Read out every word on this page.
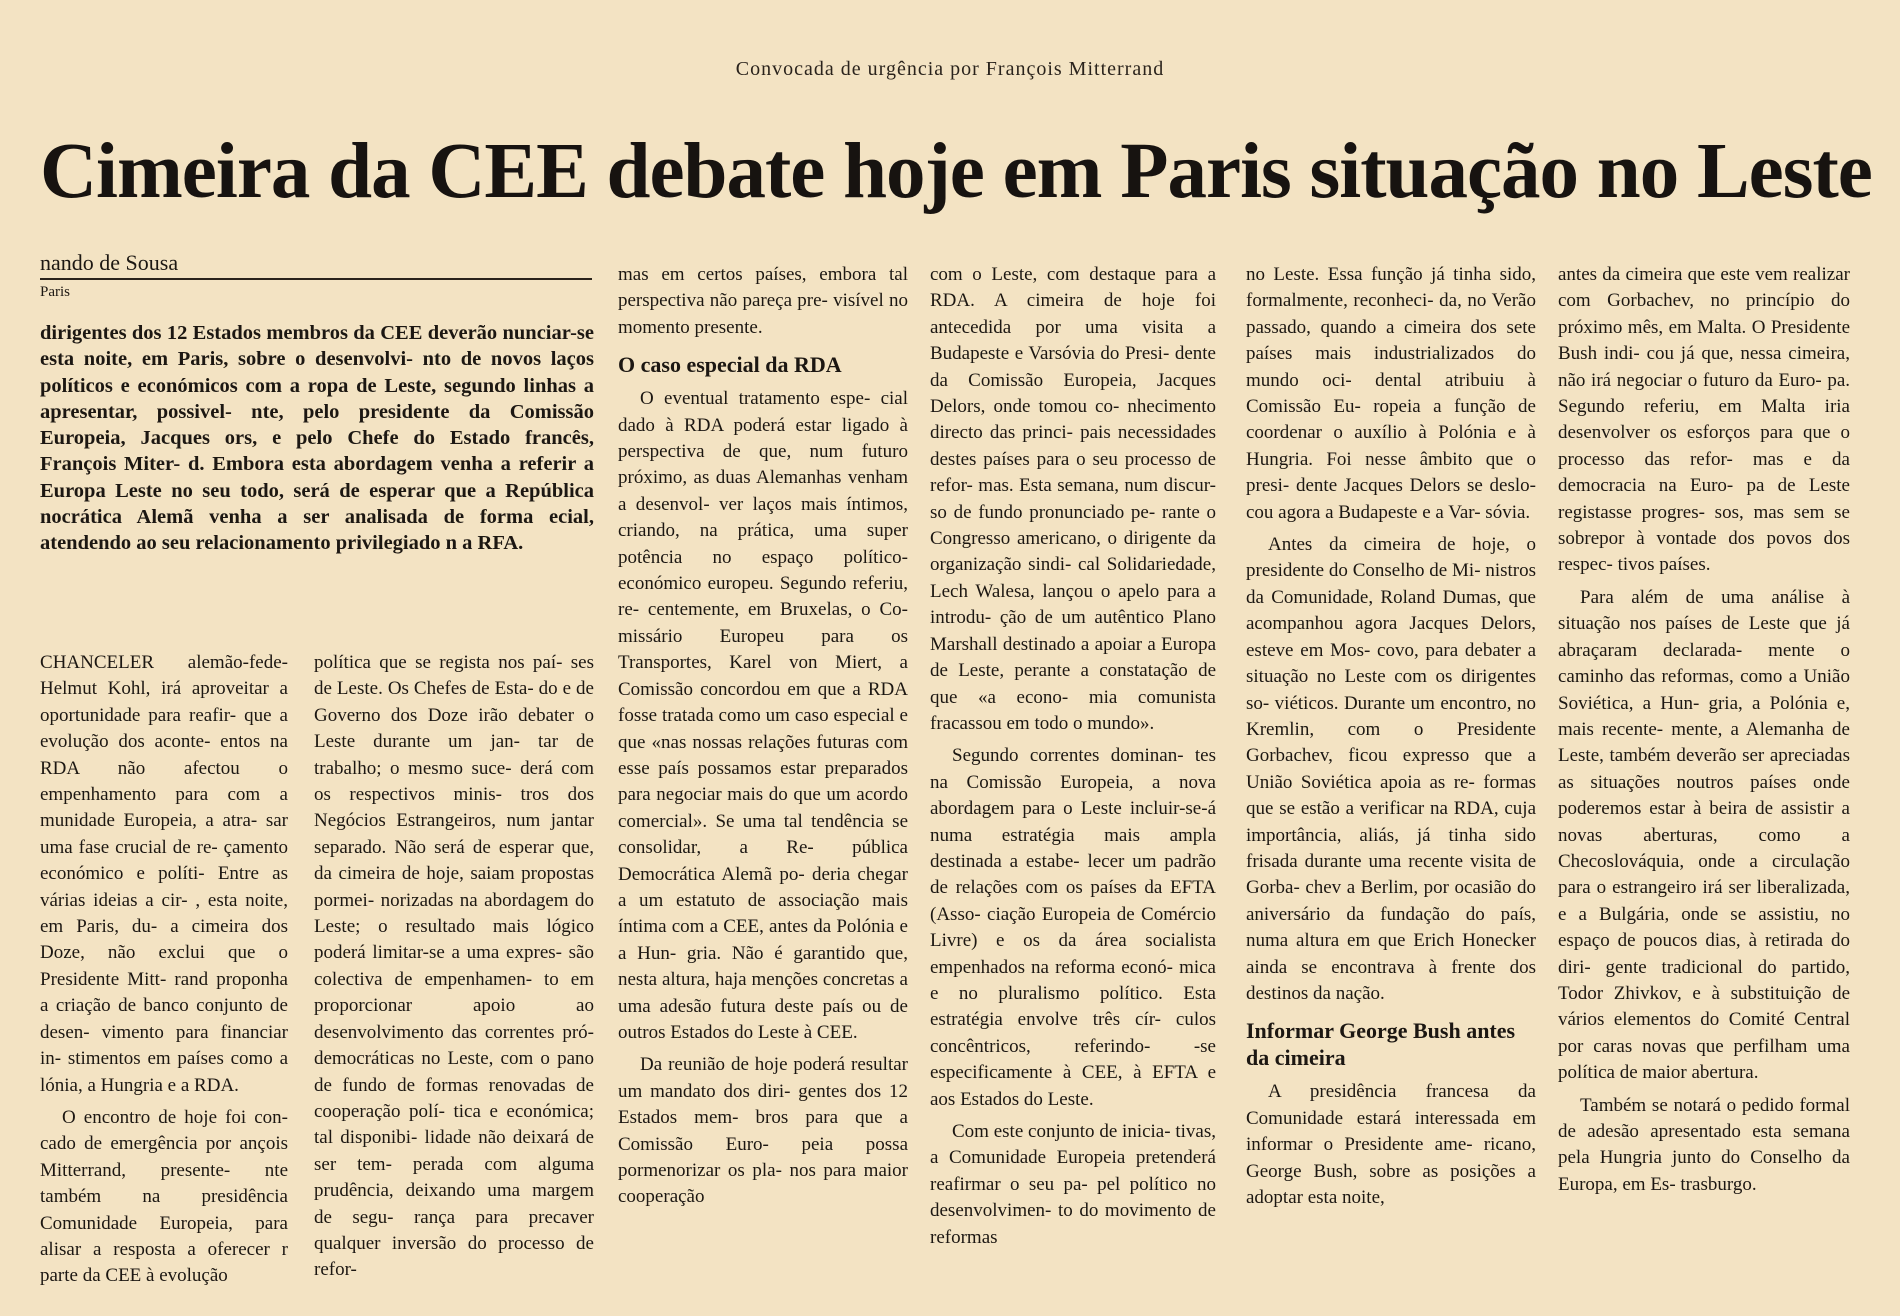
Convocada de urgência por François Mitterrand
Cimeira da CEE debate hoje em Paris situação no Leste
nando de Sousa
Paris

dirigentes dos 12 Estados membros da CEE deverão nunciar-se esta noite, em Paris, sobre o desenvolvi- nto de novos laços políticos e económicos com a ropa de Leste, segundo linhas a apresentar, possivel- nte, pelo presidente da Comissão Europeia, Jacques ors, e pelo Chefe do Estado francês, François Miter- d. Embora esta abordagem venha a referir a Europa Leste no seu todo, será de esperar que a República nocrática Alemã venha a ser analisada de forma ecial, atendendo ao seu relacionamento privilegiado n a RFA.

CHANCELER alemão-fede- Helmut Kohl, irá aproveitar a oportunidade para reafir- que a evolução dos aconte- entos na RDA não afectou o empenhamento para com a munidade Europeia, a atra- sar uma fase crucial de re- çamento económico e políti- Entre as várias ideias a cir- , esta noite, em Paris, du- a cimeira dos Doze, não exclui que o Presidente Mitt- rand proponha a criação de banco conjunto de desen- vimento para financiar in- stimentos em países como a lónia, a Hungria e a RDA.

O encontro de hoje foi con- cado de emergência por ançois Mitterrand, presente- nte também na presidência Comunidade Europeia, para alisar a resposta a oferecer r parte da CEE à evolução

política que se regista nos paí- ses de Leste. Os Chefes de Esta- do e de Governo dos Doze irão debater o Leste durante um jan- tar de trabalho; o mesmo suce- derá com os respectivos minis- tros dos Negócios Estrangeiros, num jantar separado. Não será de esperar que, da cimeira de hoje, saiam propostas pormei- norizadas na abordagem do Leste; o resultado mais lógico poderá limitar-se a uma expres- são colectiva de empenhamen- to em proporcionar apoio ao desenvolvimento das correntes pró-democráticas no Leste, com o pano de fundo de formas renovadas de cooperação polí- tica e económica; tal disponibi- lidade não deixará de ser tem- perada com alguma prudência, deixando uma margem de segu- rança para precaver qualquer inversão do processo de refor-

mas em certos países, embora tal perspectiva não pareça pre- visível no momento presente.

O caso especial da RDA

O eventual tratamento espe- cial dado à RDA poderá estar ligado à perspectiva de que, num futuro próximo, as duas Alemanhas venham a desenvol- ver laços mais íntimos, criando, na prática, uma super potência no espaço político-económico europeu. Segundo referiu, re- centemente, em Bruxelas, o Co- missário Europeu para os Transportes, Karel von Miert, a Comissão concordou em que a RDA fosse tratada como um caso especial e que «nas nossas relações futuras com esse país possamos estar preparados para negociar mais do que um acordo comercial». Se uma tal tendência se consolidar, a Re- pública Democrática Alemã po- deria chegar a um estatuto de associação mais íntima com a CEE, antes da Polónia e a Hun- gria. Não é garantido que, nesta altura, haja menções concretas a uma adesão futura deste país ou de outros Estados do Leste à CEE.

Da reunião de hoje poderá resultar um mandato dos diri- gentes dos 12 Estados mem- bros para que a Comissão Euro- peia possa pormenorizar os pla- nos para maior cooperação

com o Leste, com destaque para a RDA. A cimeira de hoje foi antecedida por uma visita a Budapeste e Varsóvia do Presi- dente da Comissão Europeia, Jacques Delors, onde tomou co- nhecimento directo das princi- pais necessidades destes países para o seu processo de refor- mas. Esta semana, num discur- so de fundo pronunciado pe- rante o Congresso americano, o dirigente da organização sindi- cal Solidariedade, Lech Walesa, lançou o apelo para a introdu- ção de um autêntico Plano Marshall destinado a apoiar a Europa de Leste, perante a constatação de que «a econo- mia comunista fracassou em todo o mundo».

Segundo correntes dominan- tes na Comissão Europeia, a nova abordagem para o Leste incluir-se-á numa estratégia mais ampla destinada a estabe- lecer um padrão de relações com os países da EFTA (Asso- ciação Europeia de Comércio Livre) e os da área socialista empenhados na reforma econó- mica e no pluralismo político. Esta estratégia envolve três cír- culos concêntricos, referindo- -se especificamente à CEE, à EFTA e aos Estados do Leste.

Com este conjunto de inicia- tivas, a Comunidade Europeia pretenderá reafirmar o seu pa- pel político no desenvolvimen- to do movimento de reformas

no Leste. Essa função já tinha sido, formalmente, reconheci- da, no Verão passado, quando a cimeira dos sete países mais industrializados do mundo oci- dental atribuiu à Comissão Eu- ropeia a função de coordenar o auxílio à Polónia e à Hungria. Foi nesse âmbito que o presi- dente Jacques Delors se deslo- cou agora a Budapeste e a Var- sóvia.

Antes da cimeira de hoje, o presidente do Conselho de Mi- nistros da Comunidade, Roland Dumas, que acompanhou agora Jacques Delors, esteve em Mos- covo, para debater a situação no Leste com os dirigentes so- viéticos. Durante um encontro, no Kremlin, com o Presidente Gorbachev, ficou expresso que a União Soviética apoia as re- formas que se estão a verificar na RDA, cuja importância, aliás, já tinha sido frisada durante uma recente visita de Gorba- chev a Berlim, por ocasião do aniversário da fundação do país, numa altura em que Erich Honecker ainda se encontrava à frente dos destinos da nação.

Informar George Bush antes da cimeira

A presidência francesa da Comunidade estará interessada em informar o Presidente ame- ricano, George Bush, sobre as posições a adoptar esta noite,

antes da cimeira que este vem realizar com Gorbachev, no princípio do próximo mês, em Malta. O Presidente Bush indi- cou já que, nessa cimeira, não irá negociar o futuro da Euro- pa. Segundo referiu, em Malta iria desenvolver os esforços para que o processo das refor- mas e da democracia na Euro- pa de Leste registasse progres- sos, mas sem se sobrepor à vontade dos povos dos respec- tivos países.

Para além de uma análise à situação nos países de Leste que já abraçaram declarada- mente o caminho das reformas, como a União Soviética, a Hun- gria, a Polónia e, mais recente- mente, a Alemanha de Leste, também deverão ser apreciadas as situações noutros países onde poderemos estar à beira de assistir a novas aberturas, como a Checoslováquia, onde a circulação para o estrangeiro irá ser liberalizada, e a Bulgária, onde se assistiu, no espaço de poucos dias, à retirada do diri- gente tradicional do partido, Todor Zhivkov, e à substituição de vários elementos do Comité Central por caras novas que perfilham uma política de maior abertura.

Também se notará o pedido formal de adesão apresentado esta semana pela Hungria junto do Conselho da Europa, em Es- trasburgo.
